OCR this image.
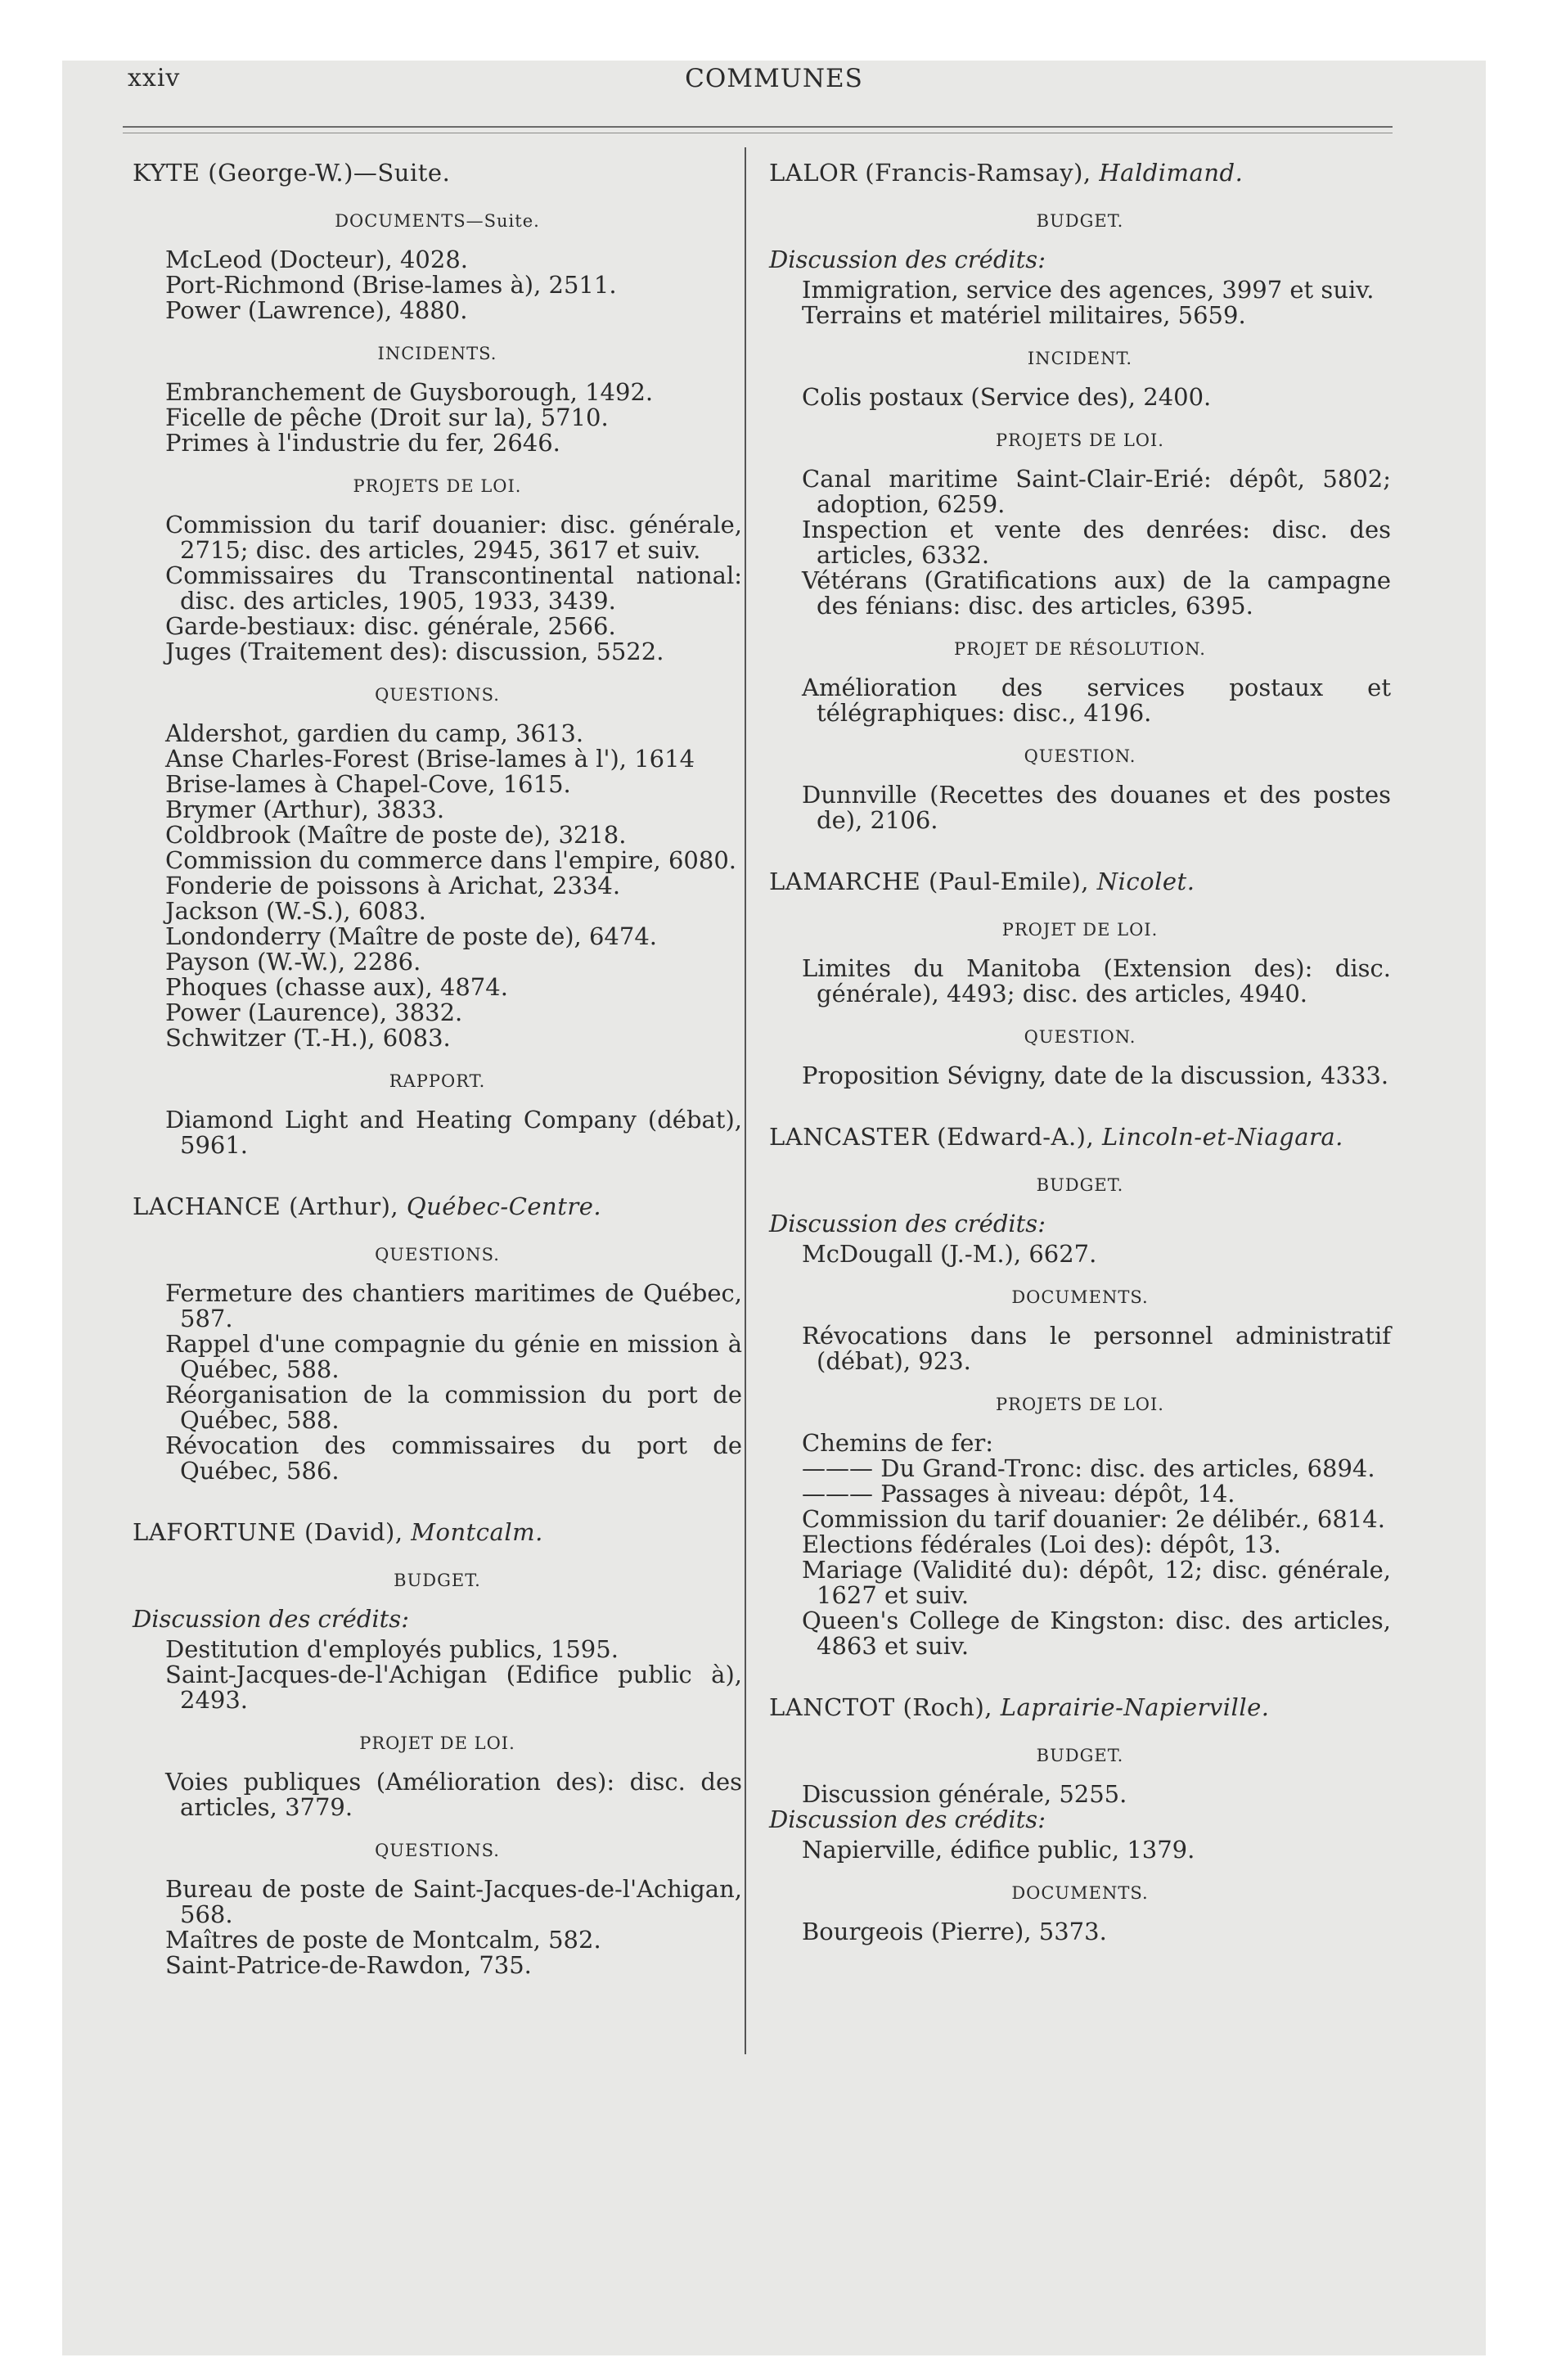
xxiv	COMMUNES
KYTE (George-W.)—Suite.
DOCUMENTS—Suite.
McLeod (Docteur), 4028.
Port-Richmond (Brise-lames à), 2511.
Power (Lawrence), 4880.
INCIDENTS.
Embranchement de Guysborough, 1492.
Ficelle de pêche (Droit sur la), 5710.
Primes à l'industrie du fer, 2646.
PROJETS DE LOI.
Commission du tarif douanier: disc. générale, 2715; disc. des articles, 2945, 3617 et suiv.
Commissaires du Transcontinental national: disc. des articles, 1905, 1933, 3439.
Garde-bestiaux: disc. générale, 2566.
Juges (Traitement des): discussion, 5522.
QUESTIONS.
Aldershot, gardien du camp, 3613.
Anse Charles-Forest (Brise-lames à l'), 1614
Brise-lames à Chapel-Cove, 1615.
Brymer (Arthur), 3833.
Coldbrook (Maître de poste de), 3218.
Commission du commerce dans l'empire, 6080.
Fonderie de poissons à Arichat, 2334.
Jackson (W.-S.), 6083.
Londonderry (Maître de poste de), 6474.
Payson (W.-W.), 2286.
Phoques (chasse aux), 4874.
Power (Laurence), 3832.
Schwitzer (T.-H.), 6083.
RAPPORT.
Diamond Light and Heating Company (débat), 5961.
LACHANCE (Arthur), Québec-Centre.
QUESTIONS.
Fermeture des chantiers maritimes de Québec, 587.
Rappel d'une compagnie du génie en mission à Québec, 588.
Réorganisation de la commission du port de Québec, 588.
Révocation des commissaires du port de Québec, 586.
LAFORTUNE (David), Montcalm.
BUDGET.
Discussion des crédits:
Destitution d'employés publics, 1595.
Saint-Jacques-de-l'Achigan (Edifice public à), 2493.
PROJET DE LOI.
Voies publiques (Amélioration des): disc. des articles, 3779.
QUESTIONS.
Bureau de poste de Saint-Jacques-de-l'Achigan, 568.
Maîtres de poste de Montcalm, 582.
Saint-Patrice-de-Rawdon, 735.
LALOR (Francis-Ramsay), Haldimand.
BUDGET.
Discussion des crédits:
Immigration, service des agences, 3997 et suiv.
Terrains et matériel militaires, 5659.
INCIDENT.
Colis postaux (Service des), 2400.
PROJETS DE LOI.
Canal maritime Saint-Clair-Erié: dépôt, 5802; adoption, 6259.
Inspection et vente des denrées: disc. des articles, 6332.
Vétérans (Gratifications aux) de la campagne des fénians: disc. des articles, 6395.
PROJET DE RÉSOLUTION.
Amélioration des services postaux et télégraphiques: disc., 4196.
QUESTION.
Dunnville (Recettes des douanes et des postes de), 2106.
LAMARCHE (Paul-Emile), Nicolet.
PROJET DE LOI.
Limites du Manitoba (Extension des): disc. générale), 4493; disc. des articles, 4940.
QUESTION.
Proposition Sévigny, date de la discussion, 4333.
LANCASTER (Edward-A.), Lincoln-et-Niagara.
BUDGET.
Discussion des crédits:
McDougall (J.-M.), 6627.
DOCUMENTS.
Révocations dans le personnel administratif (débat), 923.
PROJETS DE LOI.
Chemins de fer:
——— Du Grand-Tronc: disc. des articles, 6894.
——— Passages à niveau: dépôt, 14.
Commission du tarif douanier: 2e délibér., 6814.
Elections fédérales (Loi des): dépôt, 13.
Mariage (Validité du): dépôt, 12; disc. générale, 1627 et suiv.
Queen's College de Kingston: disc. des articles, 4863 et suiv.
LANCTOT (Roch), Laprairie-Napierville.
BUDGET.
Discussion générale, 5255.
Discussion des crédits:
Napierville, édifice public, 1379.
DOCUMENTS.
Bourgeois (Pierre), 5373.
